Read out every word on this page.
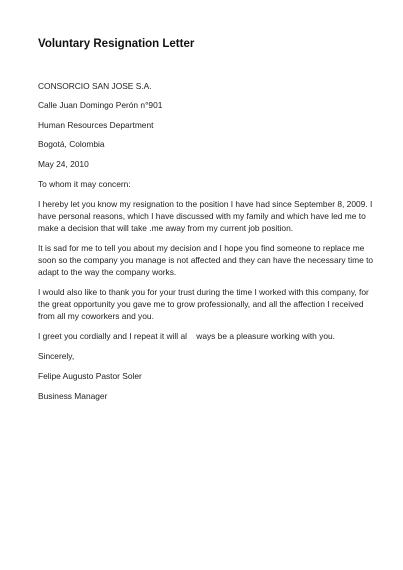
Voluntary Resignation Letter
CONSORCIO SAN JOSE S.A.
Calle Juan Domingo Perón n°901
Human Resources Department
Bogotá, Colombia
May 24, 2010
To whom it may concern:
I hereby let you know my resignation to the position I have had since September 8, 2009. I
have personal reasons, which I have discussed with my family and which have led me to
make a decision that will take .me away from my current job position.
It is sad for me to tell you about my decision and I hope you find someone to replace me
soon so the company you manage is not affected and they can have the necessary time to
adapt to the way the company works.
I would also like to thank you for your trust during the time I worked with this company, for
the great opportunity you gave me to grow professionally, and all the affection I received
from all my coworkers and you.
I greet you cordially and I repeat it will al    ways be a pleasure working with you.
Sincerely,
Felipe Augusto Pastor Soler
Business Manager
